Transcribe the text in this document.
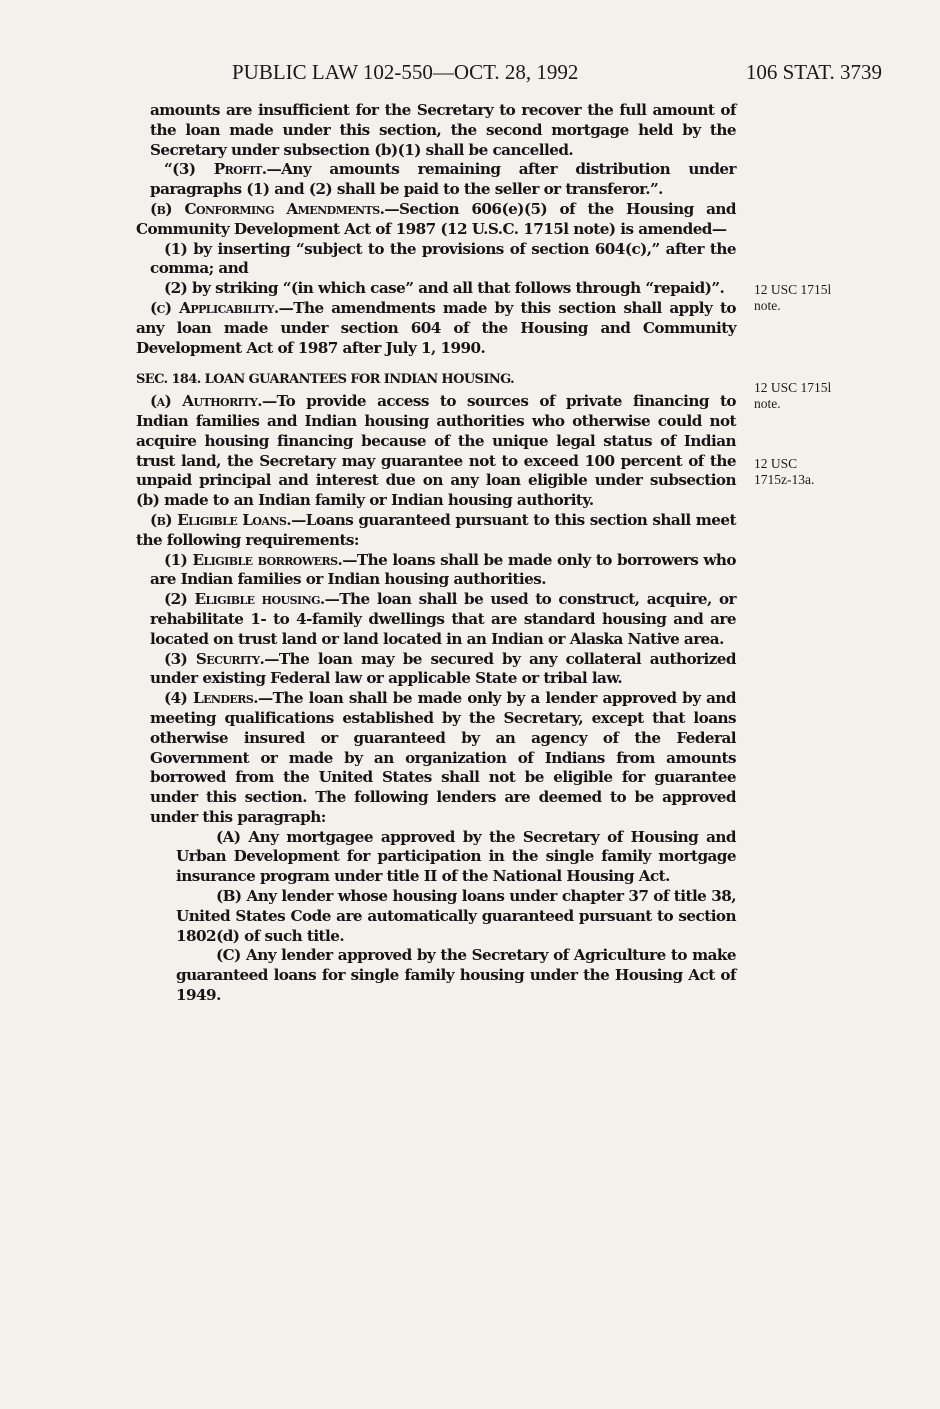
PUBLIC LAW 102-550—OCT. 28, 1992	106 STAT. 3739
12 USC 1715l
note.
12 USC 1715l
note.
12 USC
1715z-13a.

amounts are insufficient for the Secretary to recover the full amount of the loan made under this section, the second mortgage held by the Secretary under subsection (b)(1) shall be cancelled.

“(3) Profit.—Any amounts remaining after distribution under paragraphs (1) and (2) shall be paid to the seller or transferor.”.

(b) Conforming Amendments.—Section 606(e)(5) of the Housing and Community Development Act of 1987 (12 U.S.C. 1715l note) is amended—

(1) by inserting “subject to the provisions of section 604(c),” after the comma; and

(2) by striking “(in which case” and all that follows through “repaid)”.

(c) Applicability.—The amendments made by this section shall apply to any loan made under section 604 of the Housing and Community Development Act of 1987 after July 1, 1990.

SEC. 184. LOAN GUARANTEES FOR INDIAN HOUSING.

(a) Authority.—To provide access to sources of private financing to Indian families and Indian housing authorities who otherwise could not acquire housing financing because of the unique legal status of Indian trust land, the Secretary may guarantee not to exceed 100 percent of the unpaid principal and interest due on any loan eligible under subsection (b) made to an Indian family or Indian housing authority.

(b) Eligible Loans.—Loans guaranteed pursuant to this section shall meet the following requirements:

(1) Eligible borrowers.—The loans shall be made only to borrowers who are Indian families or Indian housing authorities.

(2) Eligible housing.—The loan shall be used to construct, acquire, or rehabilitate 1- to 4-family dwellings that are standard housing and are located on trust land or land located in an Indian or Alaska Native area.

(3) Security.—The loan may be secured by any collateral authorized under existing Federal law or applicable State or tribal law.

(4) Lenders.—The loan shall be made only by a lender approved by and meeting qualifications established by the Secretary, except that loans otherwise insured or guaranteed by an agency of the Federal Government or made by an organization of Indians from amounts borrowed from the United States shall not be eligible for guarantee under this section. The following lenders are deemed to be approved under this paragraph:

(A) Any mortgagee approved by the Secretary of Housing and Urban Development for participation in the single family mortgage insurance program under title II of the National Housing Act.

(B) Any lender whose housing loans under chapter 37 of title 38, United States Code are automatically guaranteed pursuant to section 1802(d) of such title.

(C) Any lender approved by the Secretary of Agriculture to make guaranteed loans for single family housing under the Housing Act of 1949.
